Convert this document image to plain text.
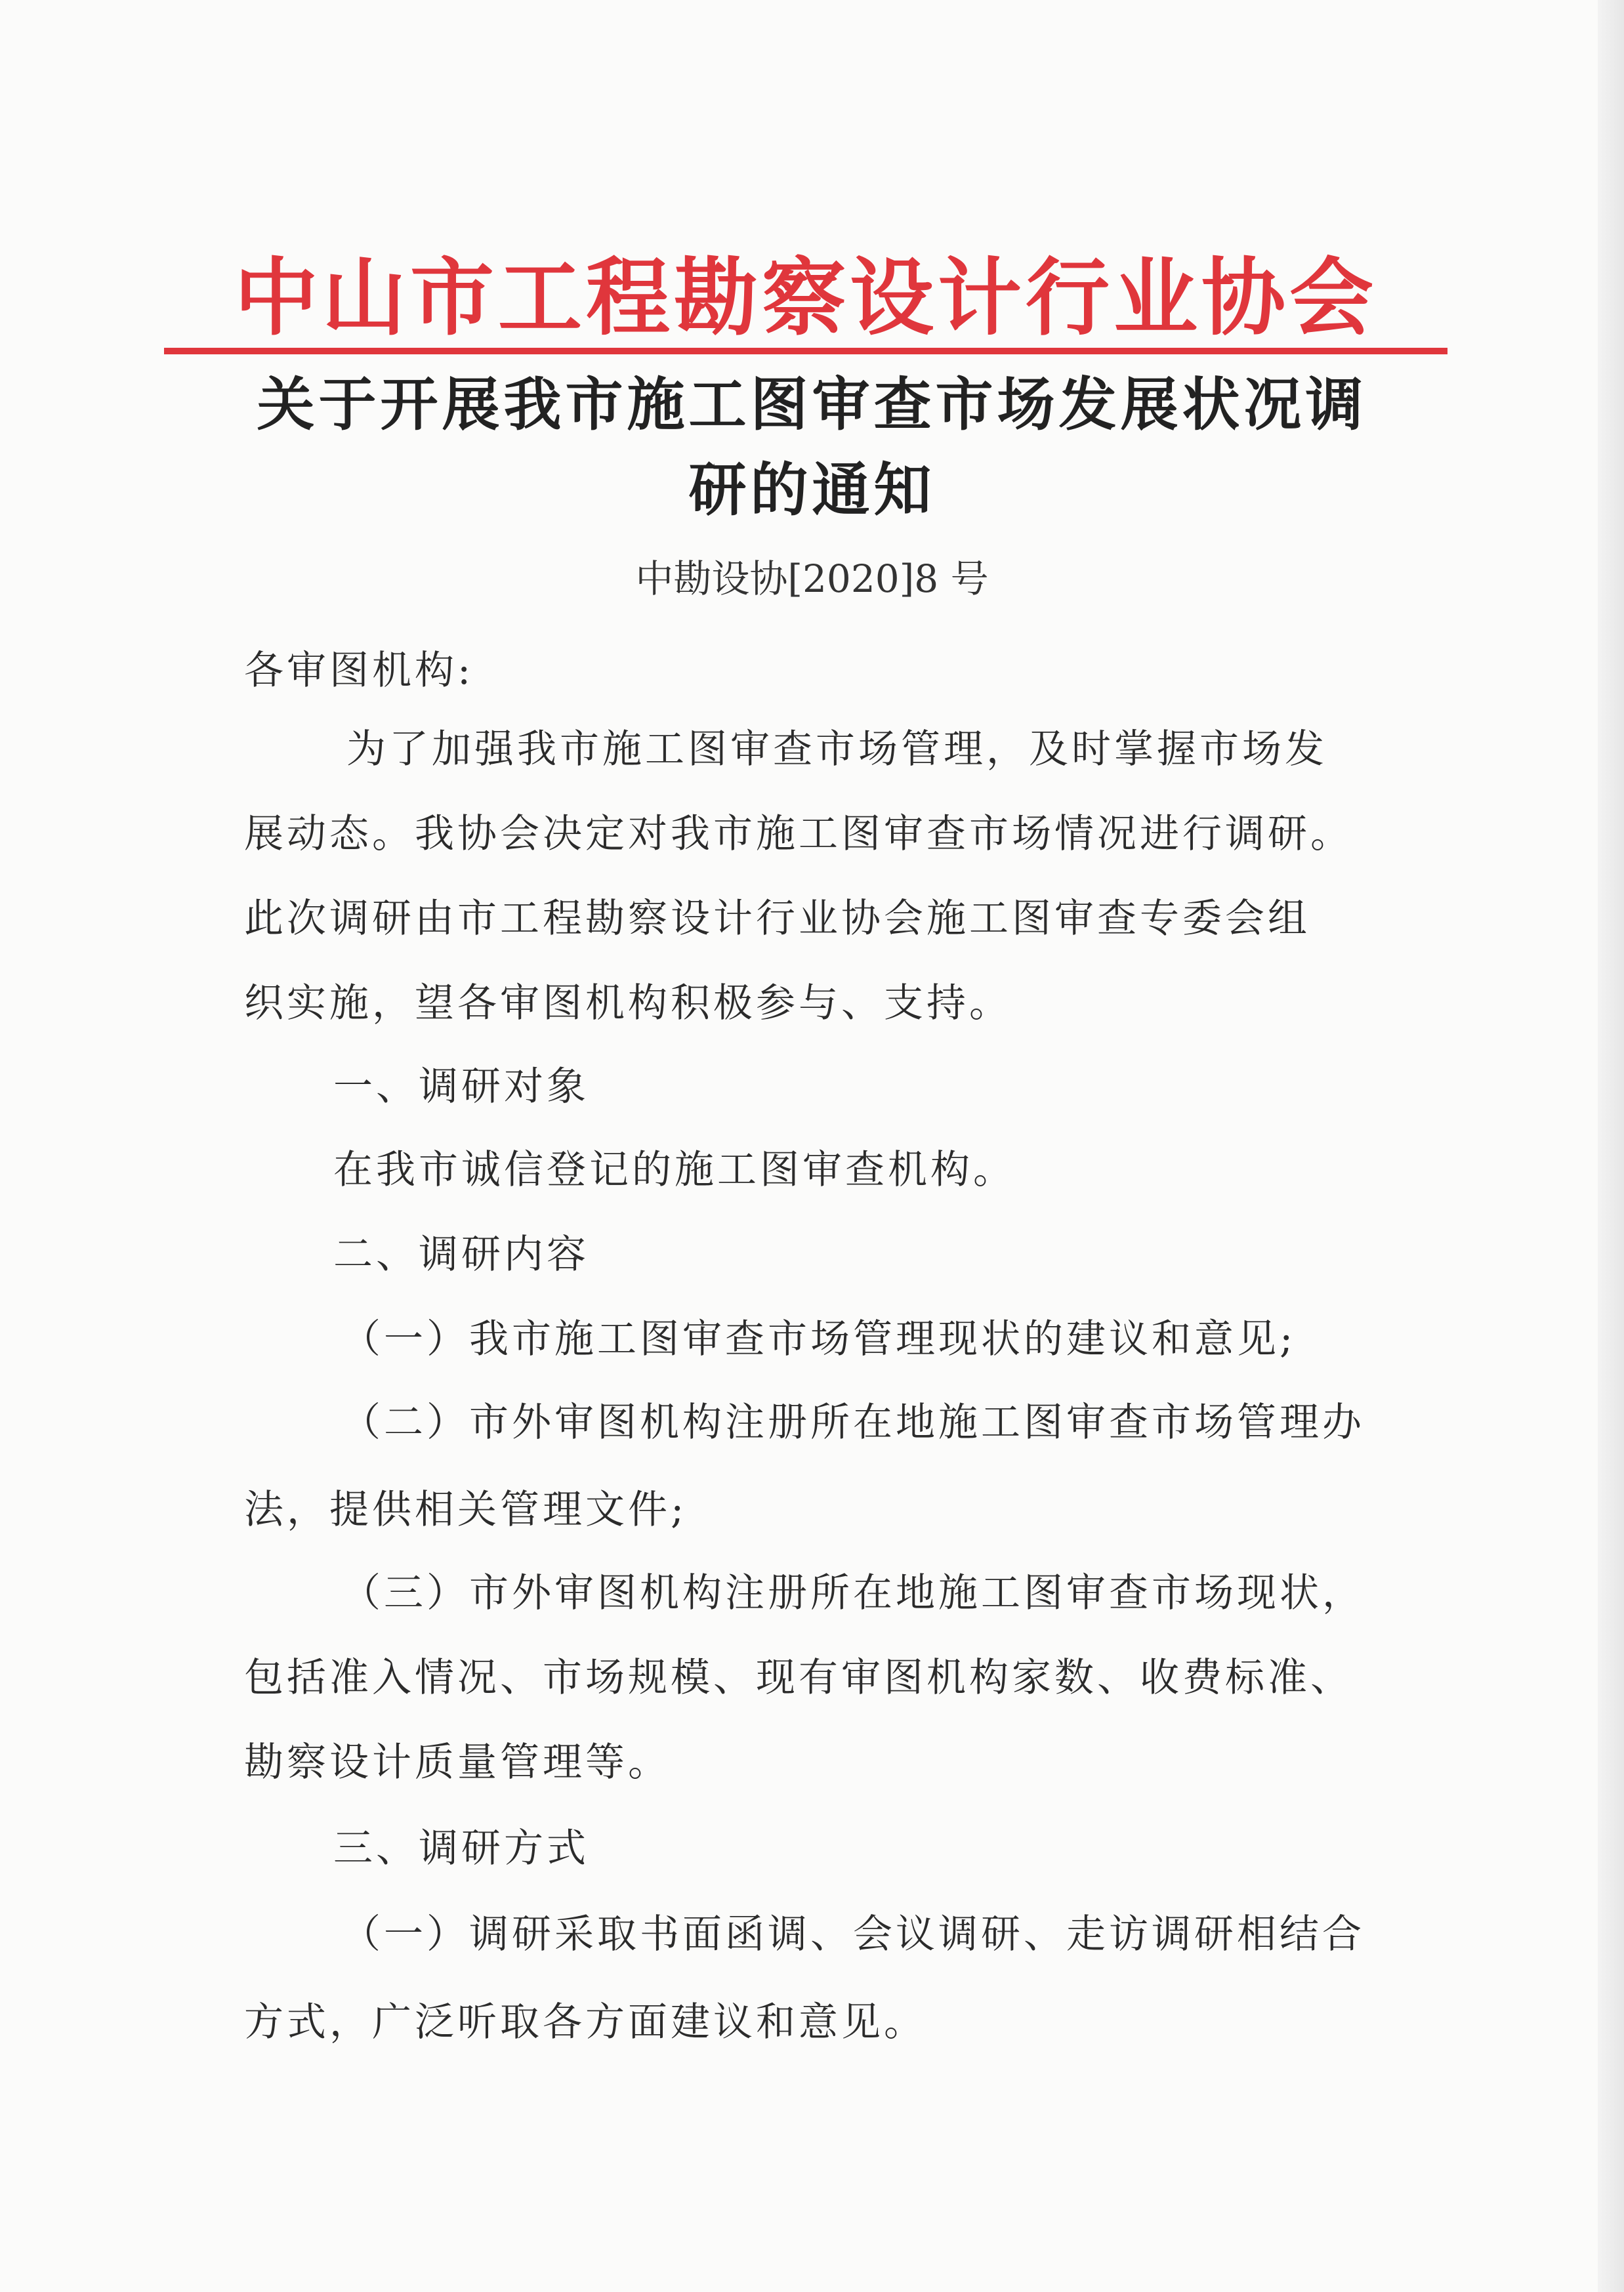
中山市工程勘察设计行业协会
关于开展我市施工图审查市场发展状况调
研的通知
中勘设协[2020]8 号
各审图机构:
为了加强我市施工图审查市场管理，及时掌握市场发
展动态。我协会决定对我市施工图审查市场情况进行调研。
此次调研由市工程勘察设计行业协会施工图审查专委会组
织实施，望各审图机构积极参与、支持。
一、调研对象
在我市诚信登记的施工图审查机构。
二、调研内容
（一）我市施工图审查市场管理现状的建议和意见;
（二）市外审图机构注册所在地施工图审查市场管理办
法，提供相关管理文件;
（三）市外审图机构注册所在地施工图审查市场现状，
包括准入情况、市场规模、现有审图机构家数、收费标准、
勘察设计质量管理等。
三、调研方式
（一）调研采取书面函调、会议调研、走访调研相结合
方式，广泛听取各方面建议和意见。
